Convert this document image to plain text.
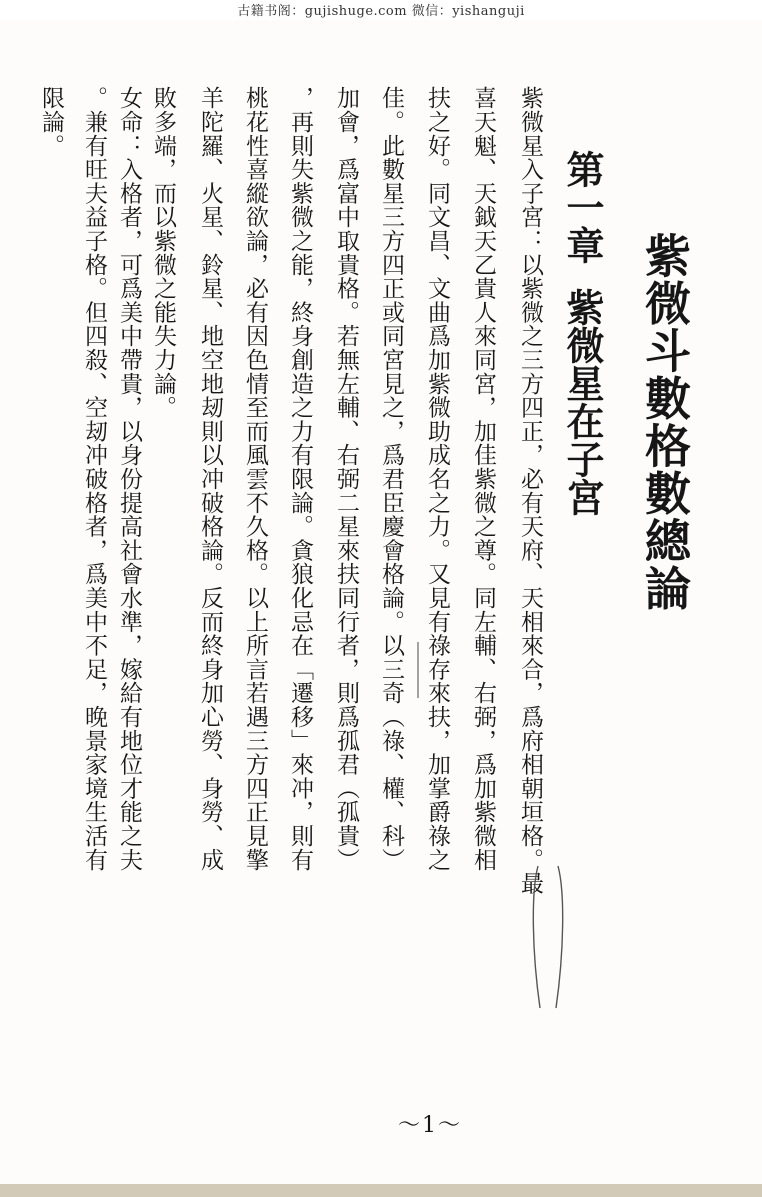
古籍书阁：gujishuge.com 微信：yishanguji
紫微斗數格數總論
第一章紫微星在子宮

紫微星入子宮：以紫微之三方四正，必有天府、天相來合，爲府相朝垣格。最

喜天魁、天鉞天乙貴人來同宮，加佳紫微之尊。同左輔、右弼，爲加紫微相

扶之好。同文昌、文曲爲加紫微助成名之力。又見有祿存來扶，加掌爵祿之

佳。此數星三方四正或同宮見之，爲君臣慶會格論。以三奇（祿、權、科）

加會，爲富中取貴格。若無左輔、右弼二星來扶同行者，則爲孤君（孤貴）

，再則失紫微之能，終身創造之力有限論。貪狼化忌在「遷移」來冲，則有

桃花性喜縱欲論，必有因色情至而風雲不久格。以上所言若遇三方四正見擎

羊陀羅、火星、鈴星、地空地刼則以冲破格論。反而終身加心勞、身勞、成

敗多端，而以紫微之能失力論。

女命：入格者，可爲美中帶貴，以身份提高社會水準，嫁給有地位才能之夫

。兼有旺夫益子格。但四殺、空刼冲破格者，爲美中不足，晚景家境生活有

限論。

～1～
